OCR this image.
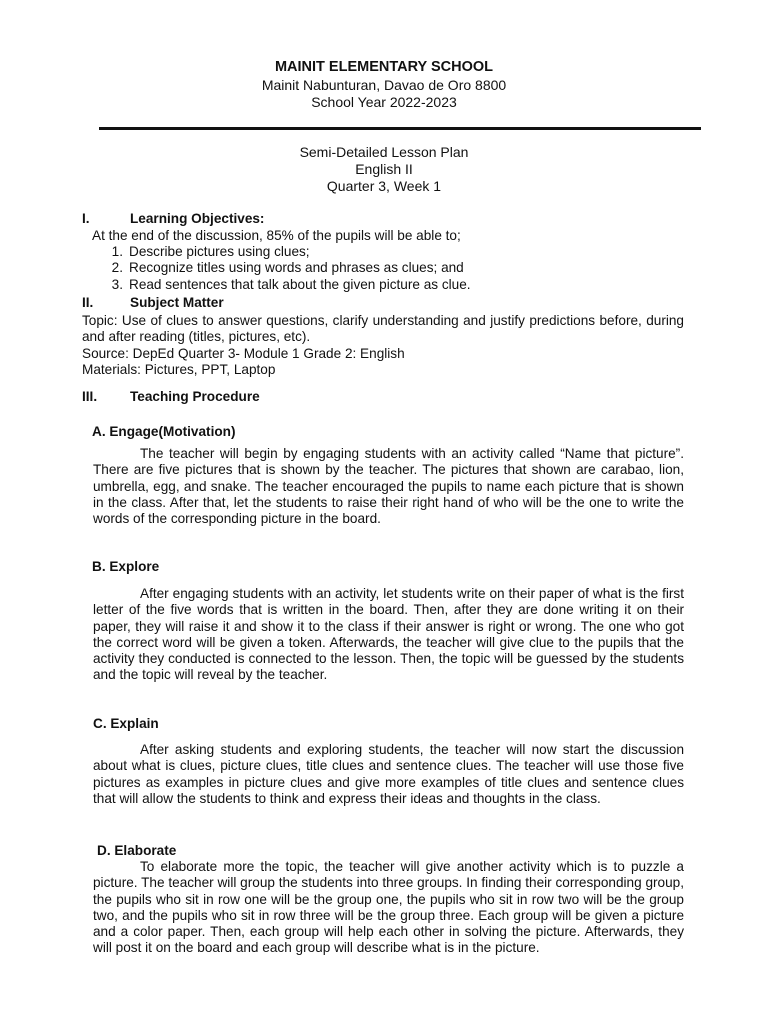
MAINIT ELEMENTARY SCHOOL
Mainit Nabunturan, Davao de Oro 8800
School Year 2022-2023
Semi-Detailed Lesson Plan
English II
Quarter 3, Week 1
I.	Learning Objectives:
At the end of the discussion, 85% of the pupils will be able to;
1. Describe pictures using clues;
2. Recognize titles using words and phrases as clues; and
3. Read sentences that talk about the given picture as clue.
II.	Subject Matter
Topic: Use of clues to answer questions, clarify understanding and justify predictions before, during and after reading (titles, pictures, etc).
Source: DepEd Quarter 3- Module 1 Grade 2: English
Materials: Pictures, PPT, Laptop
III. Teaching Procedure
A. Engage(Motivation)
The teacher will begin by engaging students with an activity called “Name that picture”. There are five pictures that is shown by the teacher. The pictures that shown are carabao, lion, umbrella, egg, and snake. The teacher encouraged the pupils to name each picture that is shown in the class. After that, let the students to raise their right hand of who will be the one to write the words of the corresponding picture in the board.
B. Explore
After engaging students with an activity, let students write on their paper of what is the first letter of the five words that is written in the board. Then, after they are done writing it on their paper, they will raise it and show it to the class if their answer is right or wrong. The one who got the correct word will be given a token. Afterwards, the teacher will give clue to the pupils that the activity they conducted is connected to the lesson. Then, the topic will be guessed by the students and the topic will reveal by the teacher.
C. Explain
After asking students and exploring students, the teacher will now start the discussion about what is clues, picture clues, title clues and sentence clues. The teacher will use those five pictures as examples in picture clues and give more examples of title clues and sentence clues that will allow the students to think and express their ideas and thoughts in the class.
D. Elaborate
To elaborate more the topic, the teacher will give another activity which is to puzzle a picture. The teacher will group the students into three groups. In finding their corresponding group, the pupils who sit in row one will be the group one, the pupils who sit in row two will be the group two, and the pupils who sit in row three will be the group three. Each group will be given a picture and a color paper. Then, each group will help each other in solving the picture. Afterwards, they will post it on the board and each group will describe what is in the picture.
